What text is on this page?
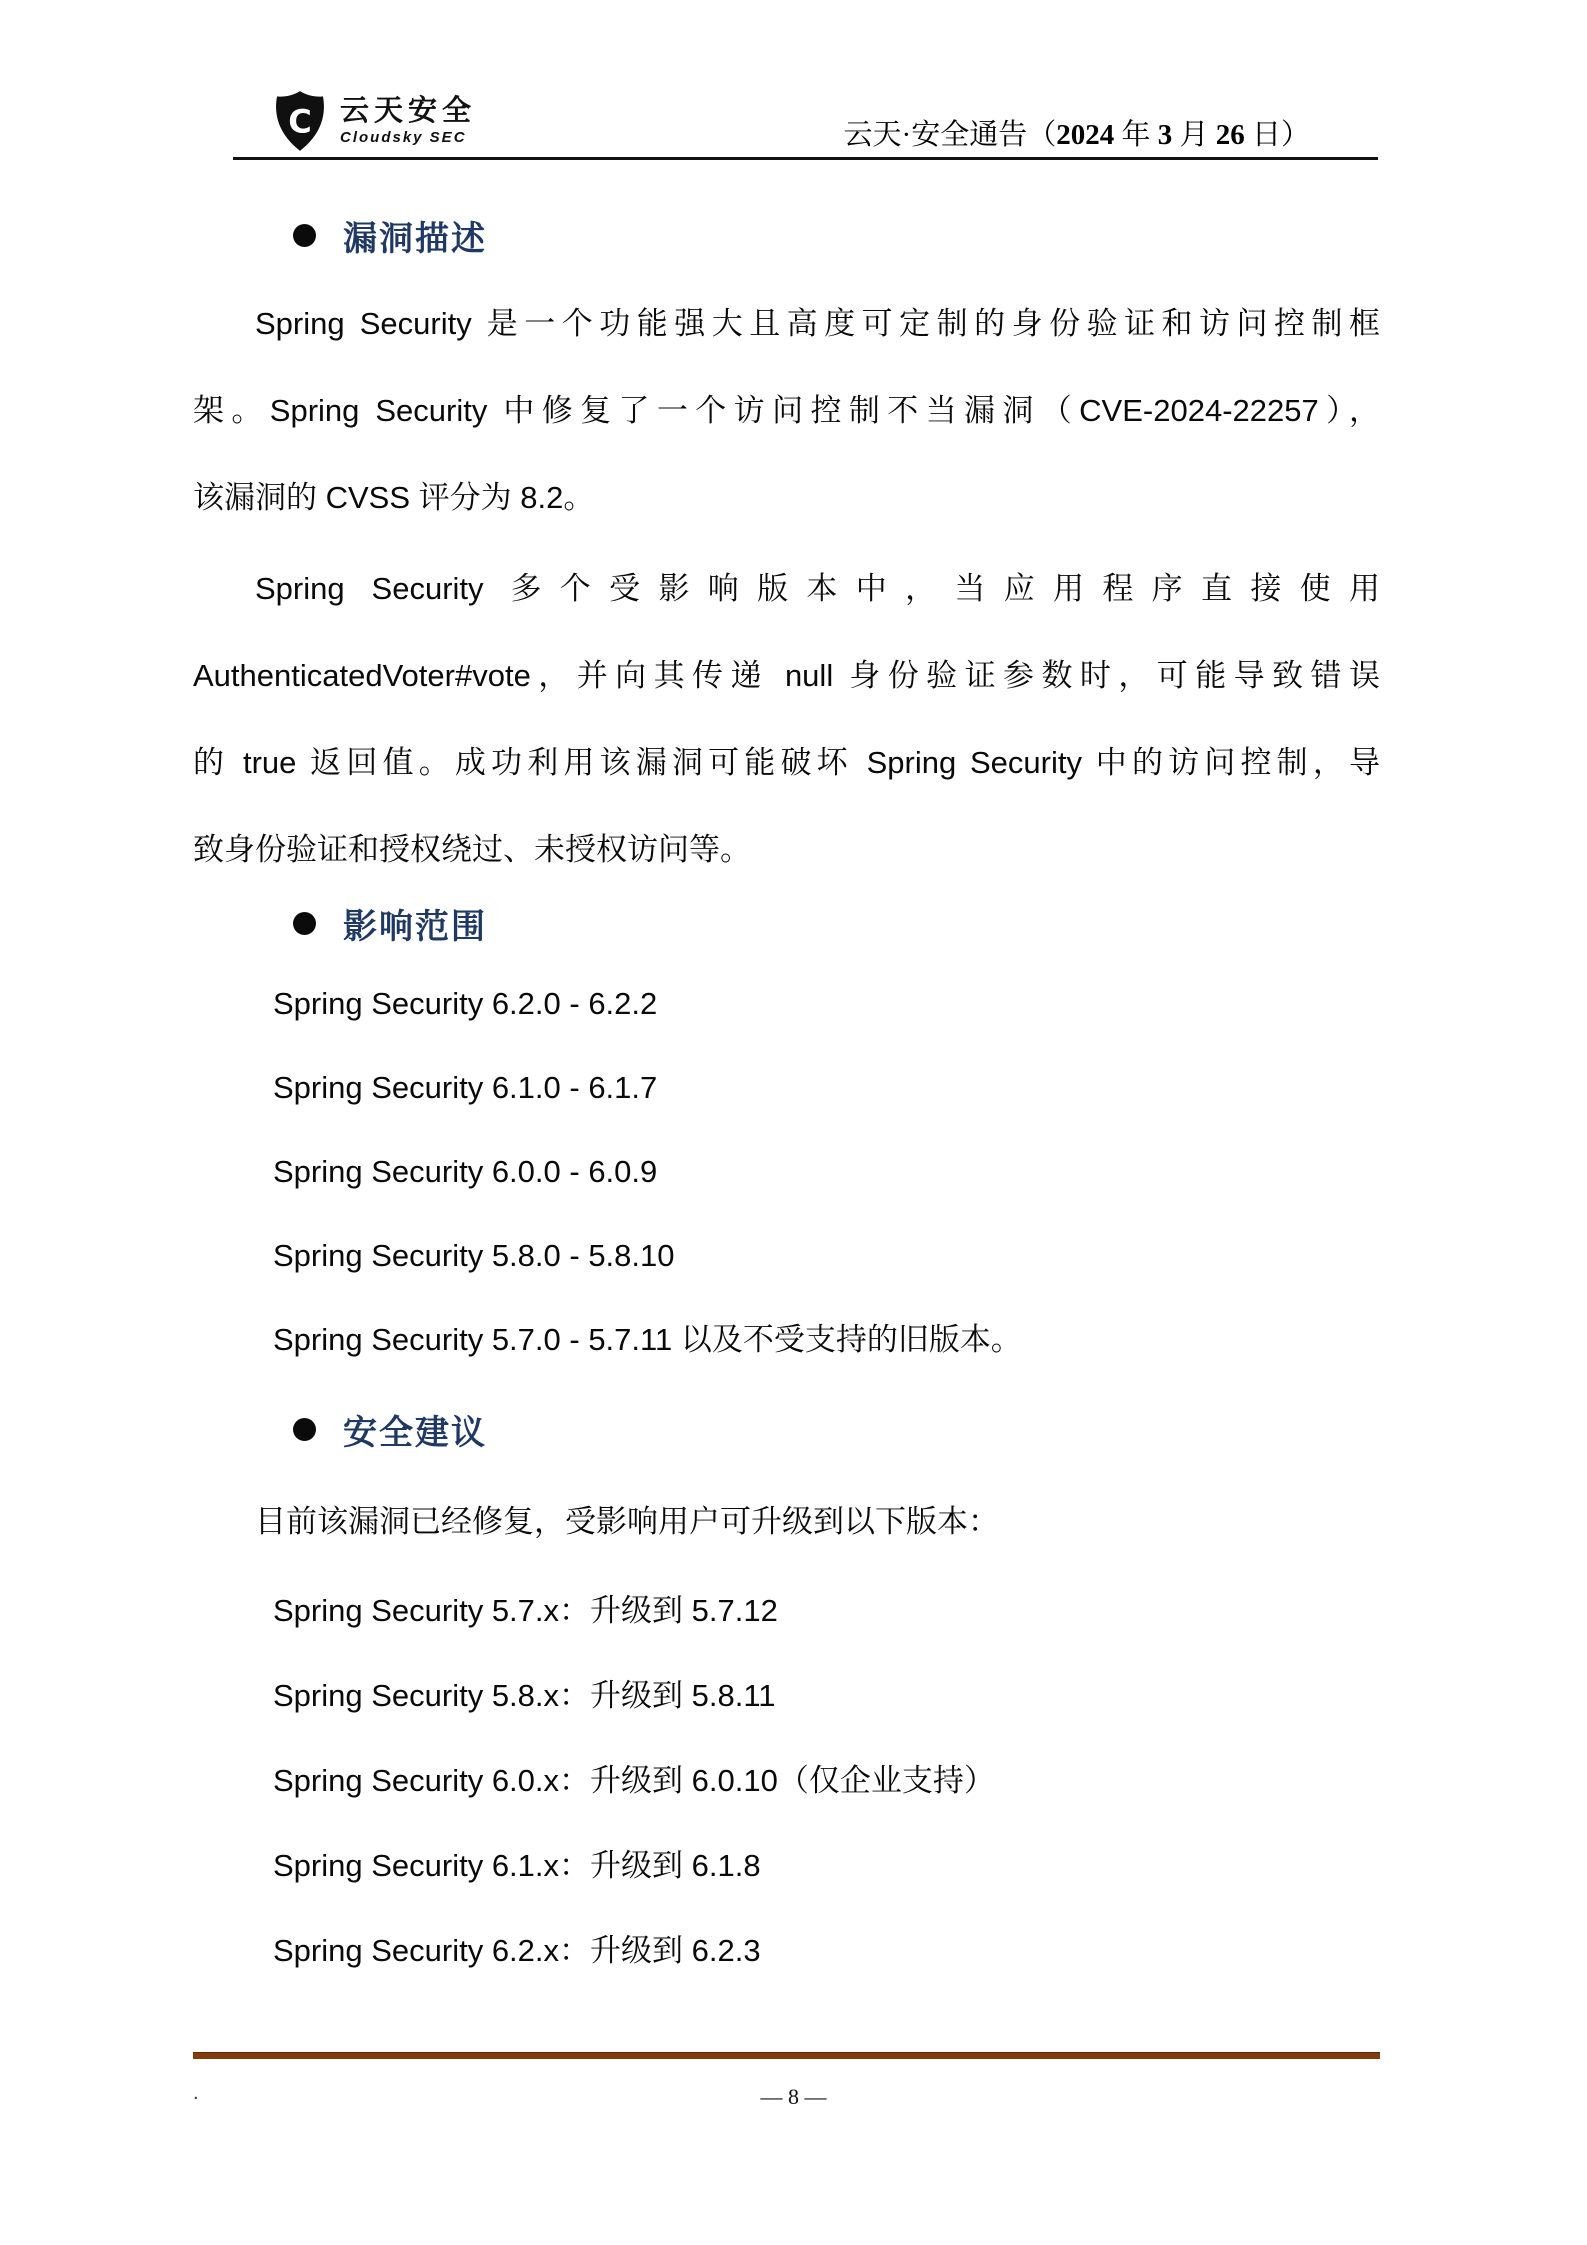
C 云天安全
Cloudsky SEC	云天·安全通告（2024 年 3 月 26 日）
漏洞描述
Spring Security 是一个功能强大且高度可定制的身份验证和访问控制框
架。Spring Security 中修复了一个访问控制不当漏洞（CVE-2024-22257），
该漏洞的 CVSS 评分为 8.2。
Spring Security 多个受影响版本中，当应用程序直接使用
AuthenticatedVoter#vote，并向其传递 null 身份验证参数时，可能导致错误
的 true 返回值。成功利用该漏洞可能破坏 Spring Security 中的访问控制，导
致身份验证和授权绕过、未授权访问等。
影响范围
Spring Security 6.2.0 - 6.2.2
Spring Security 6.1.0 - 6.1.7
Spring Security 6.0.0 - 6.0.9
Spring Security 5.8.0 - 5.8.10
Spring Security 5.7.0 - 5.7.11 以及不受支持的旧版本。
安全建议
目前该漏洞已经修复，受影响用户可升级到以下版本：
Spring Security 5.7.x：升级到 5.7.12
Spring Security 5.8.x：升级到 5.8.11
Spring Security 6.0.x：升级到 6.0.10（仅企业支持）
Spring Security 6.1.x：升级到 6.1.8
Spring Security 6.2.x：升级到 6.2.3
.	— 8 —
